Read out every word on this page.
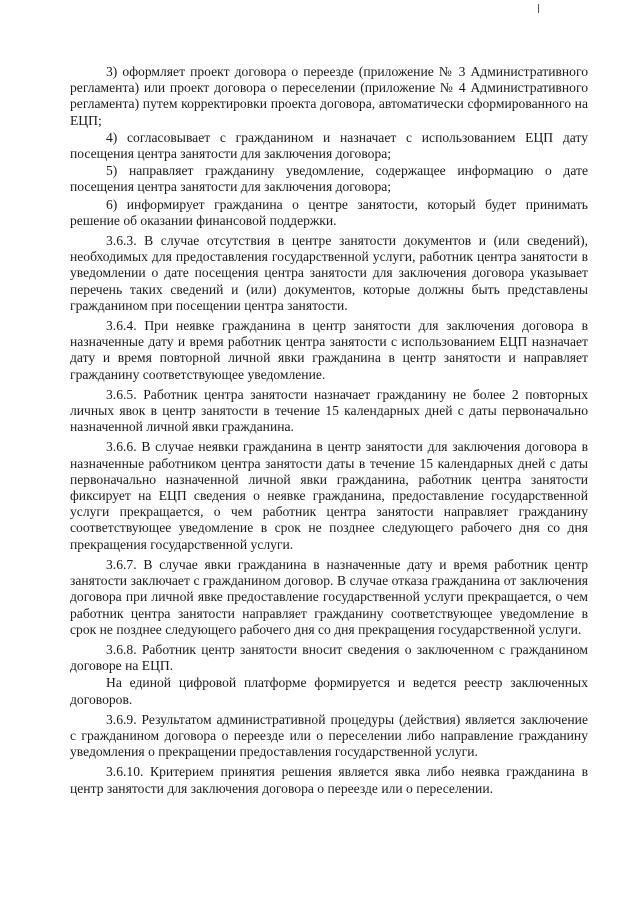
3) оформляет проект договора о переезде (приложение № 3 Административного регламента) или проект договора о переселении (приложение № 4 Административного регламента) путем корректировки проекта договора, автоматически сформированного на ЕЦП;

4) согласовывает с гражданином и назначает с использованием ЕЦП дату посещения центра занятости для заключения договора;

5) направляет гражданину уведомление, содержащее информацию о дате посещения центра занятости для заключения договора;

6) информирует гражданина о центре занятости, который будет принимать решение об оказании финансовой поддержки.

3.6.3. В случае отсутствия в центре занятости документов и (или сведений), необходимых для предоставления государственной услуги, работник центра занятости в уведомлении о дате посещения центра занятости для заключения договора указывает перечень таких сведений и (или) документов, которые должны быть представлены гражданином при посещении центра занятости.

3.6.4. При неявке гражданина в центр занятости для заключения договора в назначенные дату и время работник центра занятости с использованием ЕЦП назначает дату и время повторной личной явки гражданина в центр занятости и направляет гражданину соответствующее уведомление.

3.6.5. Работник центра занятости назначает гражданину не более 2 повторных личных явок в центр занятости в течение 15 календарных дней с даты первоначально назначенной личной явки гражданина.

3.6.6. В случае неявки гражданина в центр занятости для заключения договора в назначенные работником центра занятости даты в течение 15 календарных дней с даты первоначально назначенной личной явки гражданина, работник центра занятости фиксирует на ЕЦП сведения о неявке гражданина, предоставление государственной услуги прекращается, о чем работник центра занятости направляет гражданину соответствующее уведомление в срок не позднее следующего рабочего дня со дня прекращения государственной услуги.

3.6.7. В случае явки гражданина в назначенные дату и время работник центр занятости заключает с гражданином договор. В случае отказа гражданина от заключения договора при личной явке предоставление государственной услуги прекращается, о чем работник центра занятости направляет гражданину соответствующее уведомление в срок не позднее следующего рабочего дня со дня прекращения государственной услуги.

3.6.8. Работник центр занятости вносит сведения о заключенном с гражданином договоре на ЕЦП.

На единой цифровой платформе формируется и ведется реестр заключенных договоров.

3.6.9. Результатом административной процедуры (действия) является заключение с гражданином договора о переезде или о переселении либо направление гражданину уведомления о прекращении предоставления государственной услуги.

3.6.10. Критерием принятия решения является явка либо неявка гражданина в центр занятости для заключения договора о переезде или о переселении.
